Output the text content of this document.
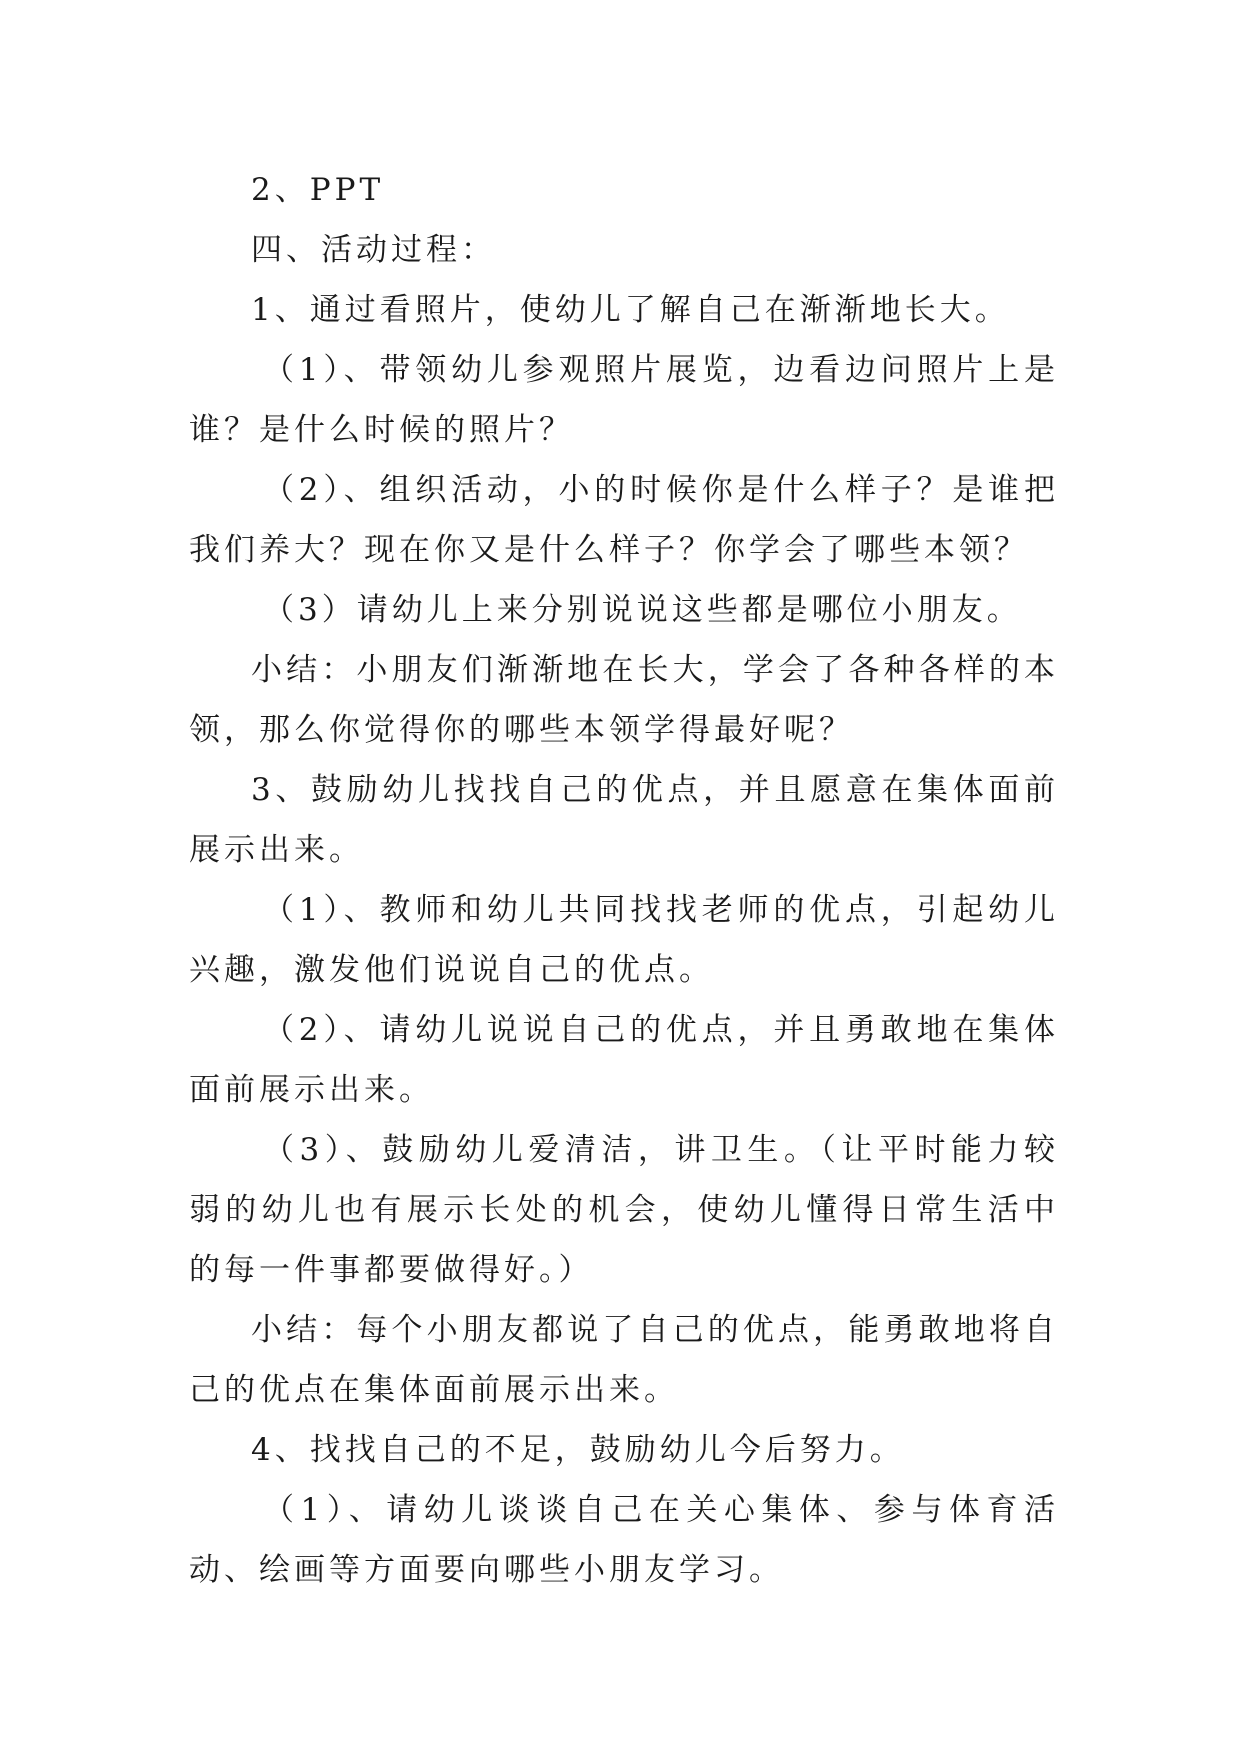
2、PPT

四、活动过程：

1、通过看照片，使幼儿了解自己在渐渐地长大。

（1）、带领幼儿参观照片展览，边看边问照片上是谁？是什么时候的照片？

（2）、组织活动，小的时候你是什么样子？是谁把我们养大？现在你又是什么样子？你学会了哪些本领？

（3）请幼儿上来分别说说这些都是哪位小朋友。

小结：小朋友们渐渐地在长大，学会了各种各样的本领，那么你觉得你的哪些本领学得最好呢？

3、鼓励幼儿找找自己的优点，并且愿意在集体面前展示出来。

（1）、教师和幼儿共同找找老师的优点，引起幼儿兴趣，激发他们说说自己的优点。

（2）、请幼儿说说自己的优点，并且勇敢地在集体面前展示出来。

（3）、鼓励幼儿爱清洁，讲卫生。（让平时能力较弱的幼儿也有展示长处的机会，使幼儿懂得日常生活中的每一件事都要做得好。）

小结：每个小朋友都说了自己的优点，能勇敢地将自己的优点在集体面前展示出来。

4、找找自己的不足，鼓励幼儿今后努力。

（1）、请幼儿谈谈自己在关心集体、参与体育活动、绘画等方面要向哪些小朋友学习。
